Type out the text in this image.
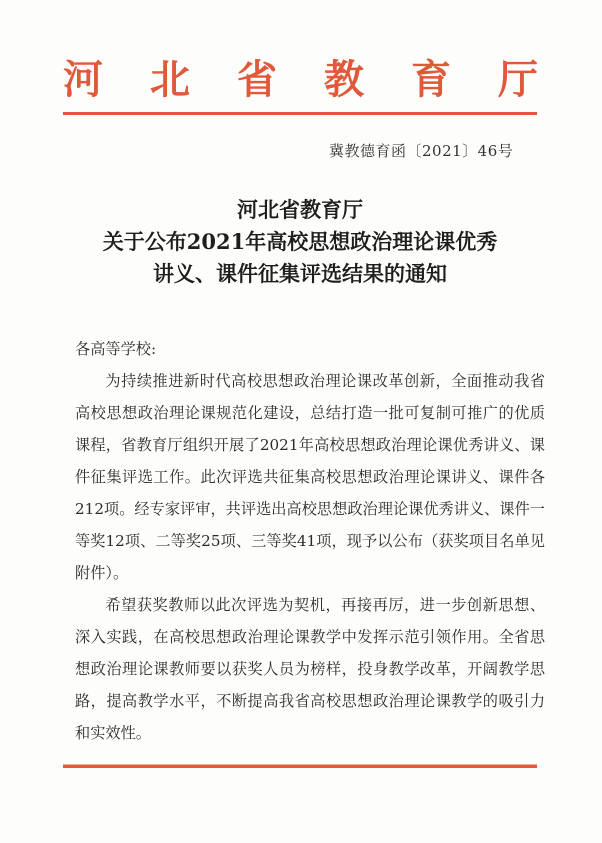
河 北 省 教 育 厅
冀教德育函〔2021〕46号
河北省教育厅
关于公布2021年高校思想政治理论课优秀
讲义、课件征集评选结果的通知

各高等学校:

为持续推进新时代高校思想政治理论课改革创新，全面推动我省高校思想政治理论课规范化建设，总结打造一批可复制可推广的优质课程，省教育厅组织开展了2021年高校思想政治理论课优秀讲义、课件征集评选工作。此次评选共征集高校思想政治理论课讲义、课件各212项。经专家评审，共评选出高校思想政治理论课优秀讲义、课件一等奖12项、二等奖25项、三等奖41项，现予以公布（获奖项目名单见附件）。

希望获奖教师以此次评选为契机，再接再厉，进一步创新思想、深入实践，在高校思想政治理论课教学中发挥示范引领作用。全省思想政治理论课教师要以获奖人员为榜样，投身教学改革，开阔教学思路，提高教学水平，不断提高我省高校思想政治理论课教学的吸引力和实效性。
